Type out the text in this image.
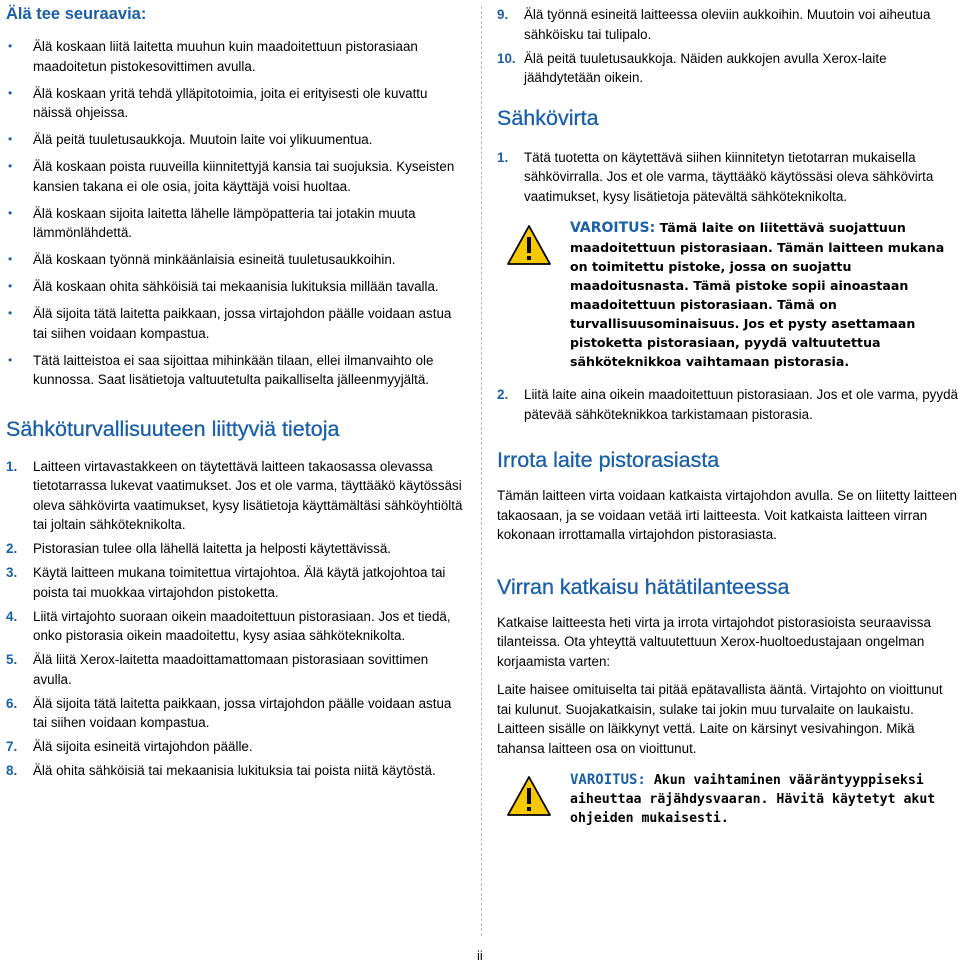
Älä tee seuraavia:
• Älä koskaan liitä laitetta muuhun kuin maadoitettuun pistorasiaan maadoitetun pistokesovittimen avulla.
• Älä koskaan yritä tehdä ylläpitotoimia, joita ei erityisesti ole kuvattu näissä ohjeissa.
• Älä peitä tuuletusaukkoja. Muutoin laite voi ylikuumentua.
• Älä koskaan poista ruuveilla kiinnitettyjä kansia tai suojuksia. Kyseisten kansien takana ei ole osia, joita käyttäjä voisi huoltaa.
• Älä koskaan sijoita laitetta lähelle lämpöpatteria tai jotakin muuta lämmönlähdettä.
• Älä koskaan työnnä minkäänlaisia esineitä tuuletusaukkoihin.
• Älä koskaan ohita sähköisiä tai mekaanisia lukituksia millään tavalla.
• Älä sijoita tätä laitetta paikkaan, jossa virtajohdon päälle voidaan astua tai siihen voidaan kompastua.
• Tätä laitteistoa ei saa sijoittaa mihinkään tilaan, ellei ilmanvaihto ole kunnossa. Saat lisätietoja valtuutetulta paikalliselta jälleenmyyjältä.
Sähköturvallisuuteen liittyviä tietoja
1. Laitteen virtavastakkeen on täytettävä laitteen takaosassa olevassa tietotarrassa lukevat vaatimukset. Jos et ole varma, täyttääkö käytössäsi oleva sähkövirta vaatimukset, kysy lisätietoja käyttämältäsi sähköyhtiöltä tai joltain sähköteknikolta.
2. Pistorasian tulee olla lähellä laitetta ja helposti käytettävissä.
3. Käytä laitteen mukana toimitettua virtajohtoa. Älä käytä jatkojohtoa tai poista tai muokkaa virtajohdon pistoketta.
4. Liitä virtajohto suoraan oikein maadoitettuun pistorasiaan. Jos et tiedä, onko pistorasia oikein maadoitettu, kysy asiaa sähköteknikolta.
5. Älä liitä Xerox-laitetta maadoittamattomaan pistorasiaan sovittimen avulla.
6. Älä sijoita tätä laitetta paikkaan, jossa virtajohdon päälle voidaan astua tai siihen voidaan kompastua.
7. Älä sijoita esineitä virtajohdon päälle.
8. Älä ohita sähköisiä tai mekaanisia lukituksia tai poista niitä käytöstä.
9. Älä työnnä esineitä laitteessa oleviin aukkoihin. Muutoin voi aiheutua sähköisku tai tulipalo.
10. Älä peitä tuuletusaukkoja. Näiden aukkojen avulla Xerox-laite jäähdytetään oikein.
Sähkövirta
1. Tätä tuotetta on käytettävä siihen kiinnitetyn tietotarran mukaisella sähkövirralla. Jos et ole varma, täyttääkö käytössäsi oleva sähkövirta vaatimukset, kysy lisätietoja pätevältä sähköteknikolta.
VAROITUS: Tämä laite on liitettävä suojattuun maadoitettuun pistorasiaan. Tämän laitteen mukana on toimitettu pistoke, jossa on suojattu maadoitusnasta. Tämä pistoke sopii ainoastaan maadoitettuun pistorasiaan. Tämä on turvallisuusominaisuus. Jos et pysty asettamaan pistoketta pistorasiaan, pyydä valtuutettua sähköteknikkoa vaihtamaan pistorasia.
2. Liitä laite aina oikein maadoitettuun pistorasiaan. Jos et ole varma, pyydä pätevää sähköteknikkoa tarkistamaan pistorasia.
Irrota laite pistorasiasta

Tämän laitteen virta voidaan katkaista virtajohdon avulla. Se on liitetty laitteen takaosaan, ja se voidaan vetää irti laitteesta. Voit katkaista laitteen virran kokonaan irrottamalla virtajohdon pistorasiasta.

Virran katkaisu hätätilanteessa

Katkaise laitteesta heti virta ja irrota virtajohdot pistorasioista seuraavissa tilanteissa. Ota yhteyttä valtuutettuun Xerox-huoltoedustajaan ongelman korjaamista varten:

Laite haisee omituiselta tai pitää epätavallista ääntä. Virtajohto on vioittunut tai kulunut. Suojakatkaisin, sulake tai jokin muu turvalaite on laukaistu. Laitteen sisälle on läikkynyt vettä. Laite on kärsinyt vesivahingon. Mikä tahansa laitteen osa on vioittunut.

VAROITUS: Akun vaihtaminen vääräntyyppiseksi aiheuttaa räjähdysvaaran. Hävitä käytetyt akut ohjeiden mukaisesti.
ii
